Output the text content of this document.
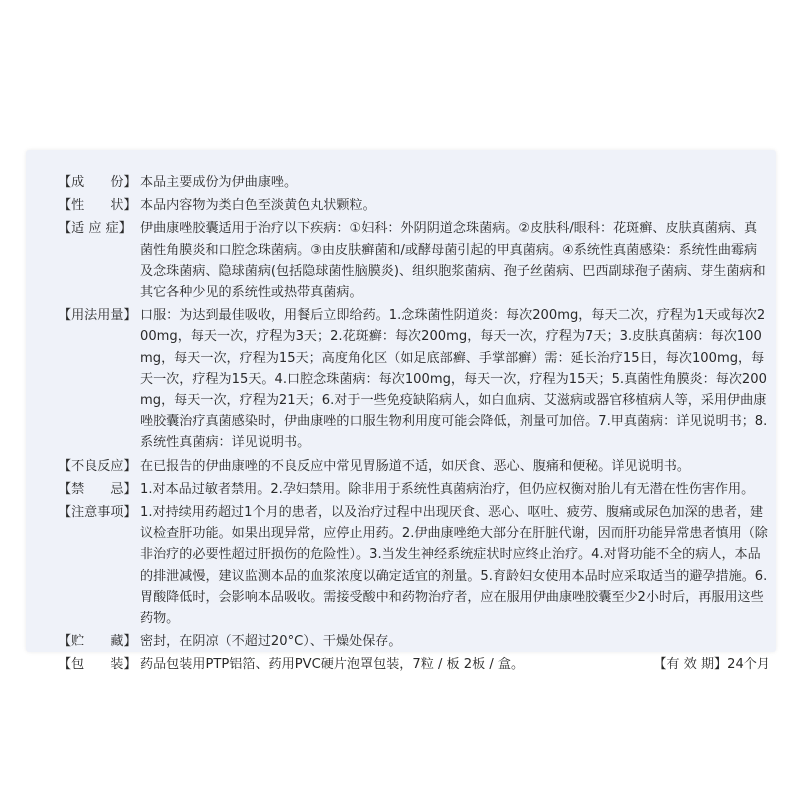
【成　　份】 本品主要成份为伊曲康唑。
【性　　状】 本品内容物为类白色至淡黄色丸状颗粒。
【适 应 症】 伊曲康唑胶囊适用于治疗以下疾病：①妇科：外阴阴道念珠菌病。②皮肤科/眼科：花斑癣、皮肤真菌病、真菌性角膜炎和口腔念珠菌病。③由皮肤癣菌和/或酵母菌引起的甲真菌病。④系统性真菌感染：系统性曲霉病及念珠菌病、隐球菌病(包括隐球菌性脑膜炎)、组织胞浆菌病、孢子丝菌病、巴西副球孢子菌病、芽生菌病和其它各种少见的系统性或热带真菌病。
【用法用量】 口服：为达到最佳吸收，用餐后立即给药。1.念珠菌性阴道炎：每次200mg，每天二次，疗程为1天或每次200mg，每天一次，疗程为3天；2.花斑癣：每次200mg，每天一次，疗程为7天；3.皮肤真菌病：每次100mg，每天一次，疗程为15天；高度角化区（如足底部癣、手掌部癣）需：延长治疗15日，每次100mg，每天一次，疗程为15天。4.口腔念珠菌病：每次100mg，每天一次，疗程为15天；5.真菌性角膜炎：每次200mg，每天一次，疗程为21天；6.对于一些免疫缺陷病人，如白血病、艾滋病或器官移植病人等，采用伊曲康唑胶囊治疗真菌感染时，伊曲康唑的口服生物利用度可能会降低，剂量可加倍。7.甲真菌病：详见说明书；8.系统性真菌病：详见说明书。
【不良反应】 在已报告的伊曲康唑的不良反应中常见胃肠道不适，如厌食、恶心、腹痛和便秘。详见说明书。
【禁　　忌】 1.对本品过敏者禁用。2.孕妇禁用。除非用于系统性真菌病治疗，但仍应权衡对胎儿有无潜在性伤害作用。
【注意事项】 1.对持续用药超过1个月的患者，以及治疗过程中出现厌食、恶心、呕吐、疲劳、腹痛或尿色加深的患者，建议检查肝功能。如果出现异常，应停止用药。2.伊曲康唑绝大部分在肝脏代谢，因而肝功能异常患者慎用（除非治疗的必要性超过肝损伤的危险性）。3.当发生神经系统症状时应终止治疗。4.对肾功能不全的病人，本品的排泄减慢，建议监测本品的血浆浓度以确定适宜的剂量。5.育龄妇女使用本品时应采取适当的避孕措施。6.胃酸降低时，会影响本品吸收。需接受酸中和药物治疗者，应在服用伊曲康唑胶囊至少2小时后，再服用这些药物。
【贮　　藏】 密封，在阴凉（不超过20°C）、干燥处保存。
【包　　装】 药品包装用PTP铝箔、药用PVC硬片泡罩包装，7粒 / 板 2板 / 盒。	【有 效 期】24个月
